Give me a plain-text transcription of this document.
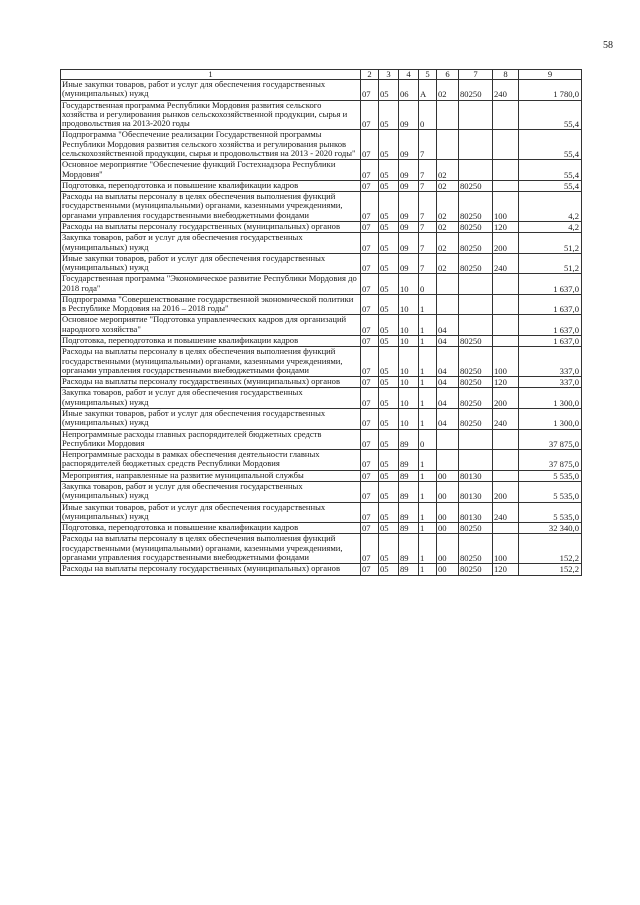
58
1	2	3	4	5	6	7	8	9
Иные закупки товаров, работ и услуг для обеспечения государственных (муниципальных) нужд	07	05	06	А	02	80250	240	1 780,0
Государственная программа Республики Мордовия развития сельского хозяйства и регулирования рынков сельскохозяйственной продукции, сырья и продовольствия на 2013-2020 годы	07	05	09	0				55,4
Подпрограмма "Обеспечение реализации Государственной программы Республики Мордовия развития сельского хозяйства и регулирования рынков сельскохозяйственной продукции, сырья и продовольствия на 2013 - 2020 годы"	07	05	09	7				55,4
Основное мероприятие "Обеспечение функций Гостехнадзора Республики Мордовия"	07	05	09	7	02			55,4
Подготовка, переподготовка и повышение квалификации кадров	07	05	09	7	02	80250		55,4
Расходы на выплаты персоналу в целях обеспечения выполнения функций государственными (муниципальными) органами, казенными учреждениями, органами управления государственными внебюджетными фондами	07	05	09	7	02	80250	100	4,2
Расходы на выплаты персоналу государственных (муниципальных) органов	07	05	09	7	02	80250	120	4,2
Закупка товаров, работ и услуг для обеспечения государственных (муниципальных) нужд	07	05	09	7	02	80250	200	51,2
Иные закупки товаров, работ и услуг для обеспечения государственных (муниципальных) нужд	07	05	09	7	02	80250	240	51,2
Государственная программа "Экономическое развитие Республики Мордовия до 2018 года"	07	05	10	0				1 637,0
Подпрограмма "Совершенствование государственной экономической политики в Республике Мордовия на 2016 – 2018 годы"	07	05	10	1				1 637,0
Основное мероприятие "Подготовка управленческих кадров для организаций народного хозяйства"	07	05	10	1	04			1 637,0
Подготовка, переподготовка и повышение квалификации кадров	07	05	10	1	04	80250		1 637,0
Расходы на выплаты персоналу в целях обеспечения выполнения функций государственными (муниципальными) органами, казенными учреждениями, органами управления государственными внебюджетными фондами	07	05	10	1	04	80250	100	337,0
Расходы на выплаты персоналу государственных (муниципальных) органов	07	05	10	1	04	80250	120	337,0
Закупка товаров, работ и услуг для обеспечения государственных (муниципальных) нужд	07	05	10	1	04	80250	200	1 300,0
Иные закупки товаров, работ и услуг для обеспечения государственных (муниципальных) нужд	07	05	10	1	04	80250	240	1 300,0
Непрограммные расходы главных распорядителей бюджетных средств Республики Мордовия	07	05	89	0				37 875,0
Непрограммные расходы в рамках обеспечения деятельности главных распорядителей бюджетных средств Республики Мордовия	07	05	89	1				37 875,0
Мероприятия, направленные на развитие муниципальной службы	07	05	89	1	00	80130		5 535,0
Закупка товаров, работ и услуг для обеспечения государственных (муниципальных) нужд	07	05	89	1	00	80130	200	5 535,0
Иные закупки товаров, работ и услуг для обеспечения государственных (муниципальных) нужд	07	05	89	1	00	80130	240	5 535,0
Подготовка, переподготовка и повышение квалификации кадров	07	05	89	1	00	80250		32 340,0
Расходы на выплаты персоналу в целях обеспечения выполнения функций государственными (муниципальными) органами, казенными учреждениями, органами управления государственными внебюджетными фондами	07	05	89	1	00	80250	100	152,2
Расходы на выплаты персоналу государственных (муниципальных) органов	07	05	89	1	00	80250	120	152,2
